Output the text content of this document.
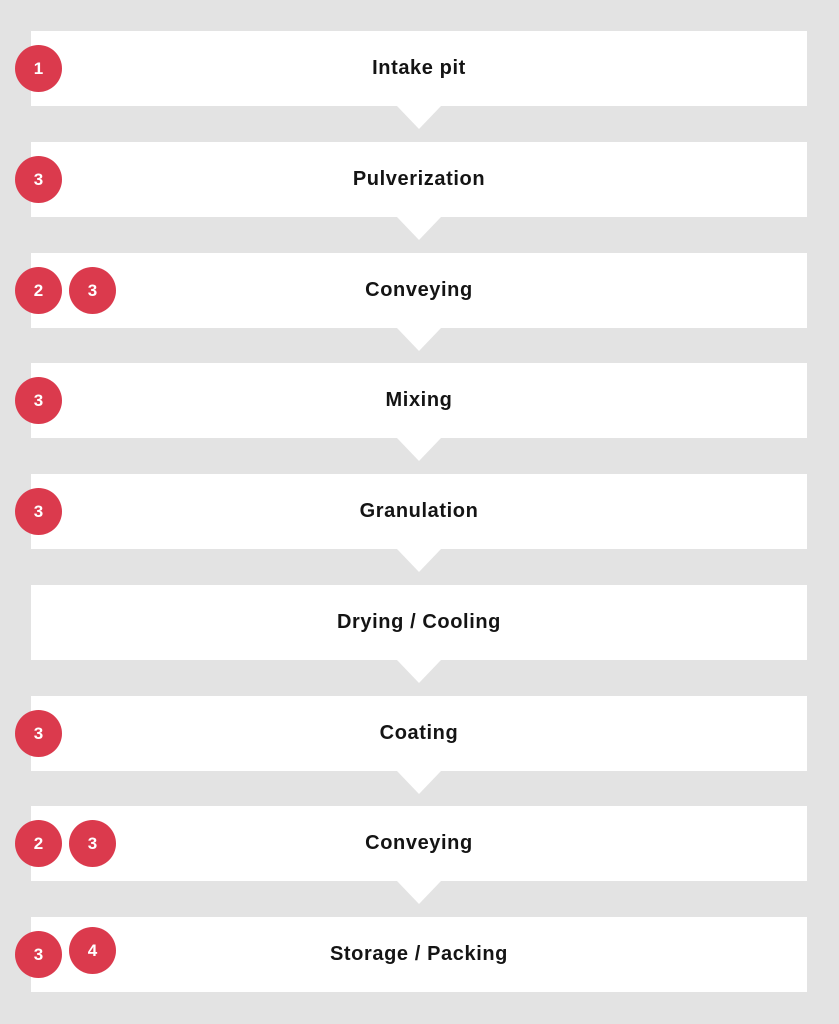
1	Intake pit
3	Pulverization
2	3	Conveying
3	Mixing
3	Granulation
Drying / Cooling
3	Coating
2	3	Conveying
3	4	Storage / Packing
